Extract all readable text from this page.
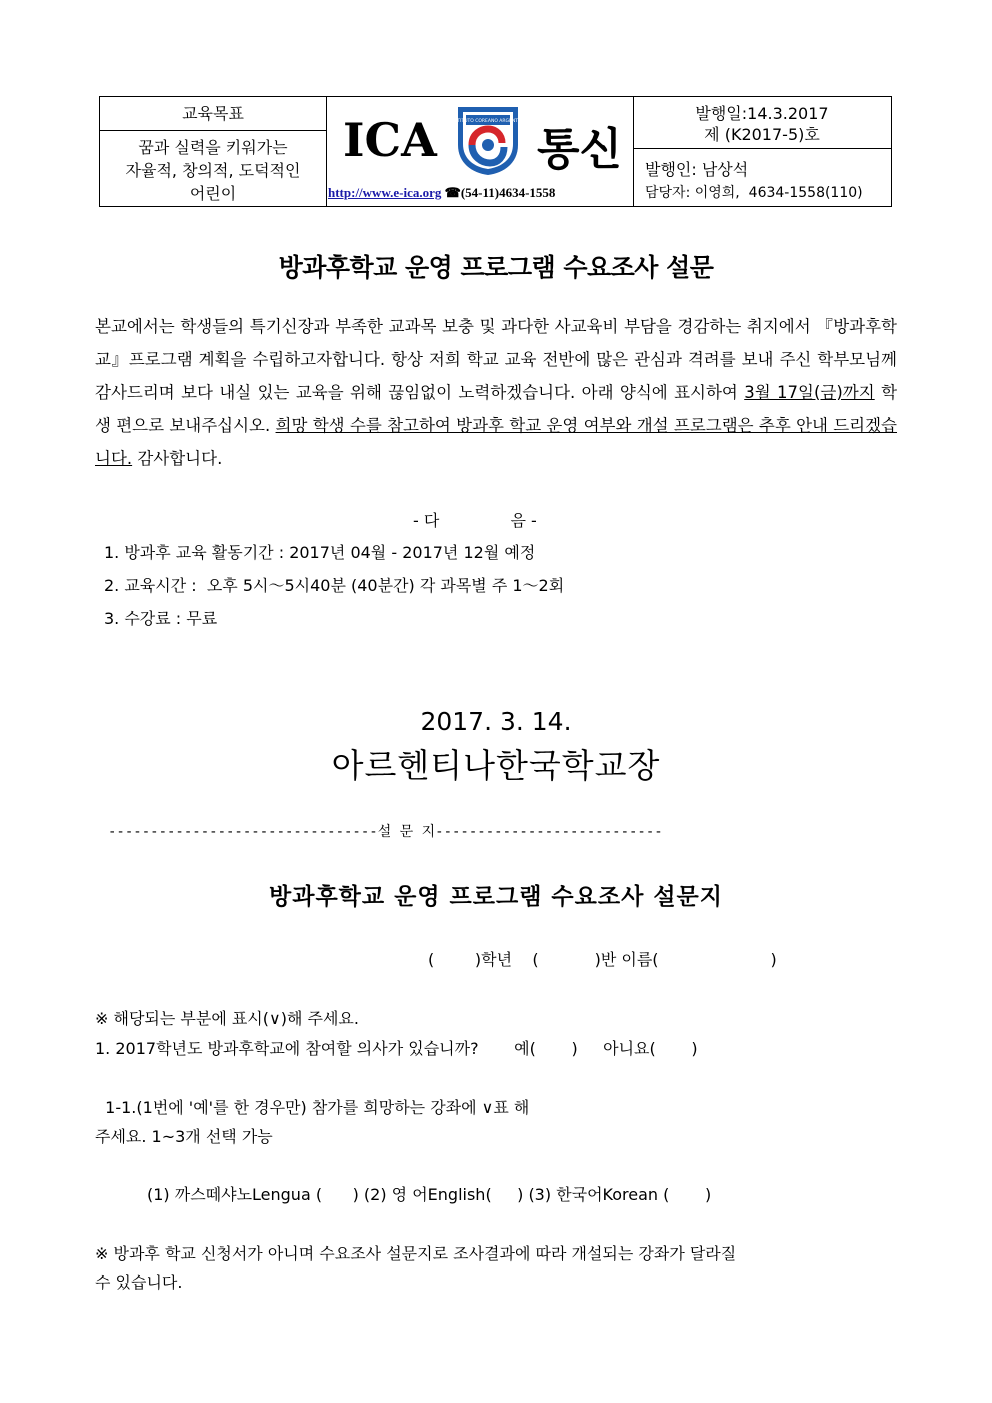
교육목표
꿈과 실력을 키워가는
자율적, 창의적, 도덕적인
어린이
ICA	INSTITUTO COREANO ARGENTINO
통신
http://www.e-ica.org ☎(54-11)4634-1558
발행일:14.3.2017
제 (K2017-5)호
발행인: 남상석
담당자: 이영희,  4634-1558(110)
방과후학교 운영 프로그램 수요조사 설문
본교에서는 학생들의 특기신장과 부족한 교과목 보충 및 과다한 사교육비 부담을 경감하는 취지에서 『방과후학교』프로그램 계획을 수립하고자합니다. 항상 저희 학교 교육 전반에 많은 관심과 격려를 보내 주신 학부모님께 감사드리며 보다 내실 있는 교육을 위해 끊임없이 노력하겠습니다. 아래 양식에 표시하여 3월 17일(금)까지 학생 편으로 보내주십시오. 희망 학생 수를 참고하여 방과후 학교 운영 여부와 개설 프로그램은 추후 안내 드리겠습니다. 감사합니다.
- 다              음 -
1. 방과후 교육 활동기간 : 2017년 04월 - 2017년 12월 예정
2. 교육시간 :  오후 5시～5시40분 (40분간) 각 과목별 주 1～2회
3. 수강료 : 무료
2017. 3. 14.
아르헨티나한국학교장
--------------------------------설 문 지---------------------------
방과후학교 운영 프로그램 수요조사 설문지
(        )학년    (           )반 이름(                      )
※ 해당되는 부분에 표시(∨)해 주세요.
1. 2017학년도 방과후학교에 참여할 의사가 있습니까?       예(       )     아니요(       )
1-1.(1번에 '예'를 한 경우만) 참가를 희망하는 강좌에 ∨표 해
주세요. 1~3개 선택 가능
(1) 까스떼샤노Lengua (      ) (2) 영 어English(     ) (3) 한국어Korean (       )
※ 방과후 학교 신청서가 아니며 수요조사 설문지로 조사결과에 따라 개설되는 강좌가 달라질
수 있습니다.
